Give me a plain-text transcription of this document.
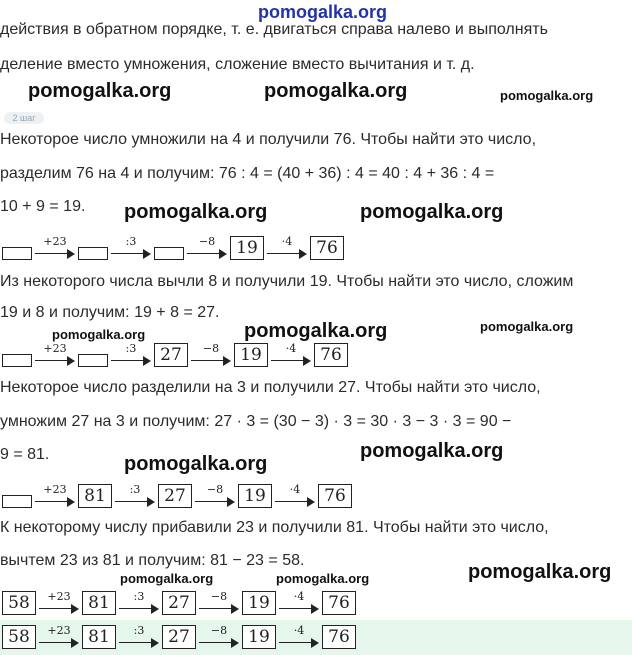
pomogalka.org
pomogalka.org	pomogalka.org	pomogalka.org
pomogalka.org	pomogalka.org
pomogalka.org	pomogalka.org	pomogalka.org
pomogalka.org
pomogalka.org
pomogalka.org	pomogalka.org	pomogalka.org
действия в обратном порядке, т. е. двигаться справа налево и выполнять
деление вместо умножения, сложение вместо вычитания и т. д.
2 шаг
Некоторое число умножили на 4 и получили 76. Чтобы найти это число,
разделим 76 на 4 и получим: 76 : 4 = (40 + 36) : 4 = 40 : 4 + 36 : 4 =
10 + 9 = 19.
+23	:3	−8	19	·4	76
Из некоторого числа вычли 8 и получили 19. Чтобы найти это число, сложим
19 и 8 и получим: 19 + 8 = 27.
+23	:3	27	−8	19	·4	76
Некоторое число разделили на 3 и получили 27. Чтобы найти это число,
умножим 27 на 3 и получим: 27 · 3 = (30 − 3) · 3 = 30 · 3 − 3 · 3 = 90 −
9 = 81.
+23	81	:3	27	−8	19	·4	76
К некоторому числу прибавили 23 и получили 81. Чтобы найти это число,
вычтем 23 из 81 и получим: 81 − 23 = 58.
58	+23	81	:3	27	−8	19	·4	76
58	+23	81	:3	27	−8	19	·4	76
